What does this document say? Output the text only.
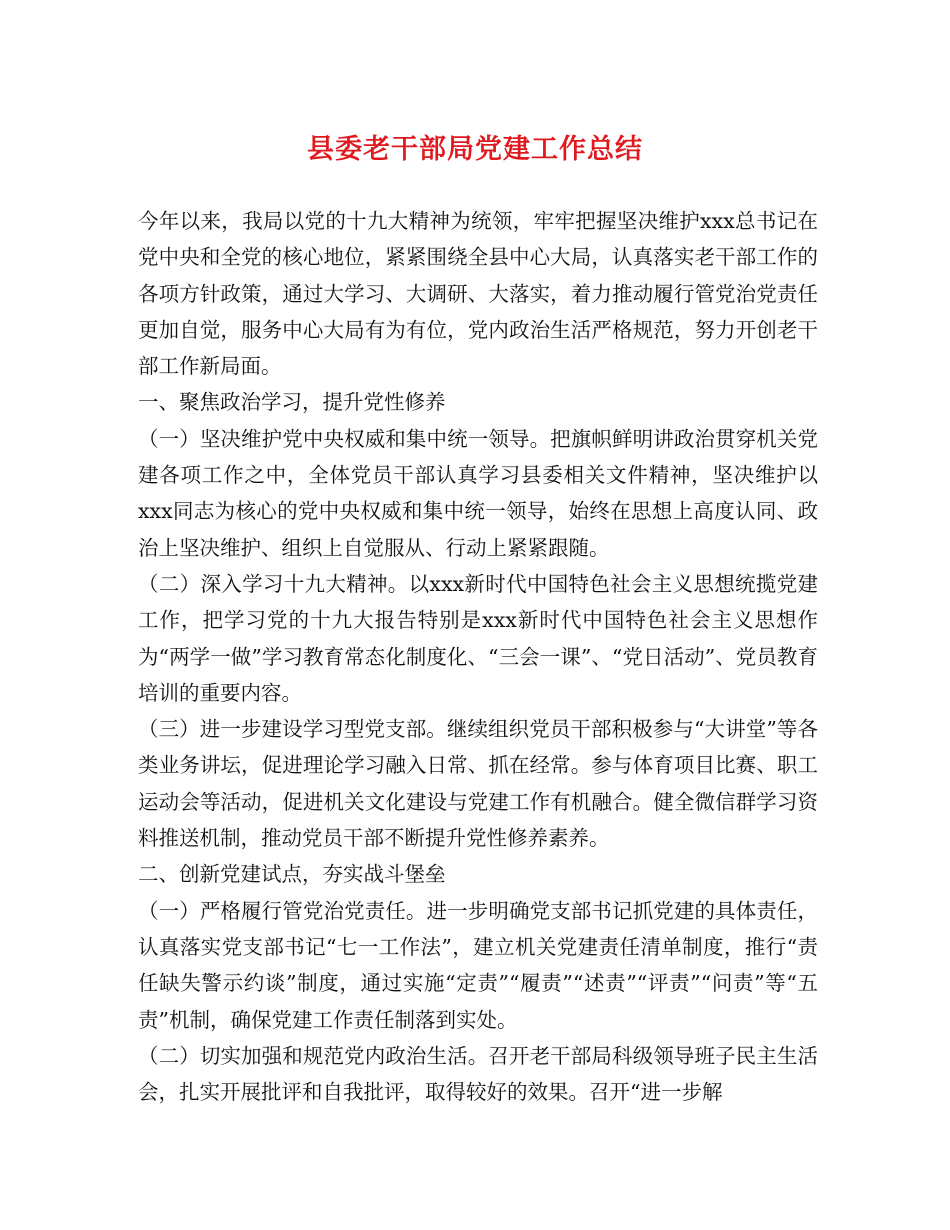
县委老干部局党建工作总结

今年以来，我局以党的十九大精神为统领，牢牢把握坚决维护xxx总书记在党中央和全党的核心地位，紧紧围绕全县中心大局，认真落实老干部工作的各项方针政策，通过大学习、大调研、大落实，着力推动履行管党治党责任更加自觉，服务中心大局有为有位，党内政治生活严格规范，努力开创老干部工作新局面。

一、聚焦政治学习，提升党性修养

（一）坚决维护党中央权威和集中统一领导。把旗帜鲜明讲政治贯穿机关党建各项工作之中，全体党员干部认真学习县委相关文件精神，坚决维护以xxx同志为核心的党中央权威和集中统一领导，始终在思想上高度认同、政治上坚决维护、组织上自觉服从、行动上紧紧跟随。

（二）深入学习十九大精神。以xxx新时代中国特色社会主义思想统揽党建工作，把学习党的十九大报告特别是xxx新时代中国特色社会主义思想作为“两学一做”学习教育常态化制度化、“三会一课”、“党日活动”、党员教育培训的重要内容。

（三）进一步建设学习型党支部。继续组织党员干部积极参与“大讲堂”等各类业务讲坛，促进理论学习融入日常、抓在经常。参与体育项目比赛、职工运动会等活动，促进机关文化建设与党建工作有机融合。健全微信群学习资料推送机制，推动党员干部不断提升党性修养素养。

二、创新党建试点，夯实战斗堡垒

（一）严格履行管党治党责任。进一步明确党支部书记抓党建的具体责任，认真落实党支部书记“七一工作法”，建立机关党建责任清单制度，推行“责任缺失警示约谈”制度，通过实施“定责”“履责”“述责”“评责”“问责”等“五责”机制，确保党建工作责任制落到实处。

（二）切实加强和规范党内政治生活。召开老干部局科级领导班子民主生活会，扎实开展批评和自我批评，取得较好的效果。召开“进一步解
